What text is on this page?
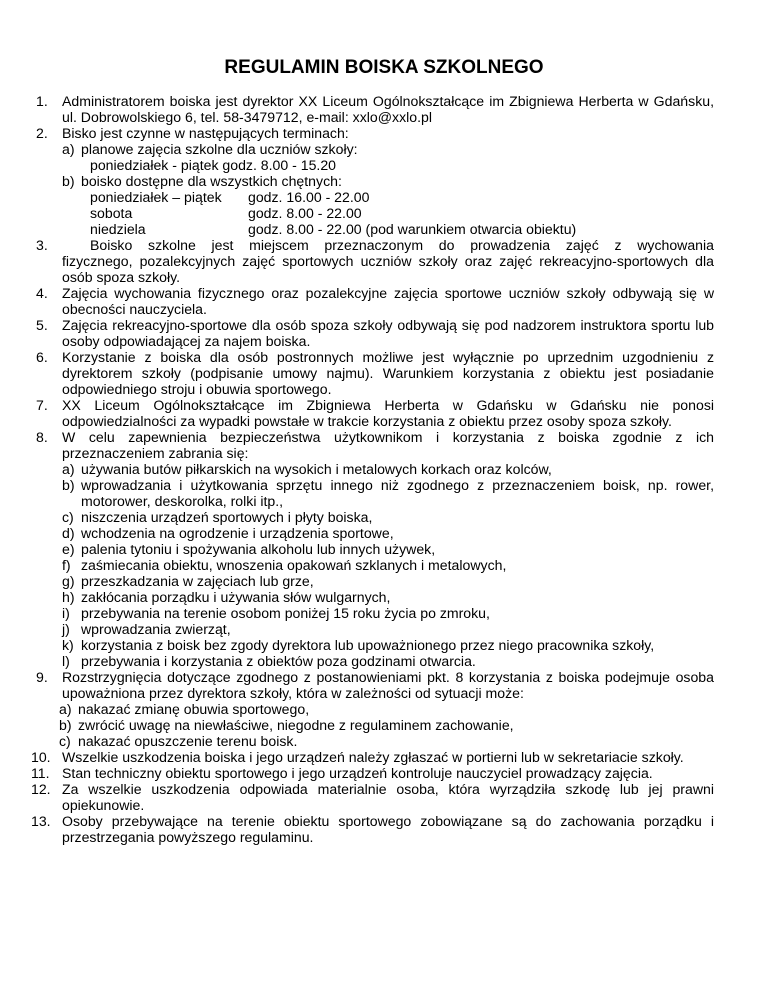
REGULAMIN BOISKA SZKOLNEGO
1. Administratorem boiska jest dyrektor XX Liceum Ogólnokształcące im Zbigniewa Herberta w Gdańsku, ul. Dobrowolskiego 6, tel. 58-3479712, e-mail: xxlo@xxlo.pl
2. Bisko jest czynne w następujących terminach:
a) planowe zajęcia szkolne dla uczniów szkoły:
poniedziałek - piątek godz. 8.00 - 15.20
b) boisko dostępne dla wszystkich chętnych:
poniedziałek – piątek godz. 16.00 - 22.00
sobota	godz. 8.00 - 22.00
niedziela	godz. 8.00 - 22.00 (pod warunkiem otwarcia obiektu)
3.	Boisko szkolne jest miejscem przeznaczonym do prowadzenia zajęć z wychowania
fizycznego, pozalekcyjnych zajęć sportowych uczniów szkoły oraz zajęć rekreacyjno-sportowych dla osób spoza szkoły.
4. Zajęcia wychowania fizycznego oraz pozalekcyjne zajęcia sportowe uczniów szkoły odbywają się w obecności nauczyciela.
5. Zajęcia rekreacyjno-sportowe dla osób spoza szkoły odbywają się pod nadzorem instruktora sportu lub osoby odpowiadającej za najem boiska.
6. Korzystanie z boiska dla osób postronnych możliwe jest wyłącznie po uprzednim uzgodnieniu z dyrektorem szkoły (podpisanie umowy najmu). Warunkiem korzystania z obiektu jest posiadanie odpowiedniego stroju i obuwia sportowego.
7. XX Liceum Ogólnokształcące im Zbigniewa Herberta w Gdańsku w Gdańsku nie ponosi odpowiedzialności za wypadki powstałe w trakcie korzystania z obiektu przez osoby spoza szkoły.
8. W celu zapewnienia bezpieczeństwa użytkownikom i korzystania z boiska zgodnie z ich przeznaczeniem zabrania się:
a) używania butów piłkarskich na wysokich i metalowych korkach oraz kolców,
b) wprowadzania i użytkowania sprzętu innego niż zgodnego z przeznaczeniem boisk, np. rower, motorower, deskorolka, rolki itp.,
c) niszczenia urządzeń sportowych i płyty boiska,
d) wchodzenia na ogrodzenie i urządzenia sportowe,
e) palenia tytoniu i spożywania alkoholu lub innych używek,
f) zaśmiecania obiektu, wnoszenia opakowań szklanych i metalowych,
g) przeszkadzania w zajęciach lub grze,
h) zakłócania porządku i używania słów wulgarnych,
i) przebywania na terenie osobom poniżej 15 roku życia po zmroku,
j) wprowadzania zwierząt,
k) korzystania z boisk bez zgody dyrektora lub upoważnionego przez niego pracownika szkoły,
l) przebywania i korzystania z obiektów poza godzinami otwarcia.
9. Rozstrzygnięcia dotyczące zgodnego z postanowieniami pkt. 8 korzystania z boiska podejmuje osoba upoważniona przez dyrektora szkoły, która w zależności od sytuacji może:
a) nakazać zmianę obuwia sportowego,
b) zwrócić uwagę na niewłaściwe, niegodne z regulaminem zachowanie,
c) nakazać opuszczenie terenu boisk.
10. Wszelkie uszkodzenia boiska i jego urządzeń należy zgłaszać w portierni lub w sekretariacie szkoły.
11. Stan techniczny obiektu sportowego i jego urządzeń kontroluje nauczyciel prowadzący zajęcia.
12. Za wszelkie uszkodzenia odpowiada materialnie osoba, która wyrządziła szkodę lub jej prawni opiekunowie.
13. Osoby przebywające na terenie obiektu sportowego zobowiązane są do zachowania porządku i przestrzegania powyższego regulaminu.
